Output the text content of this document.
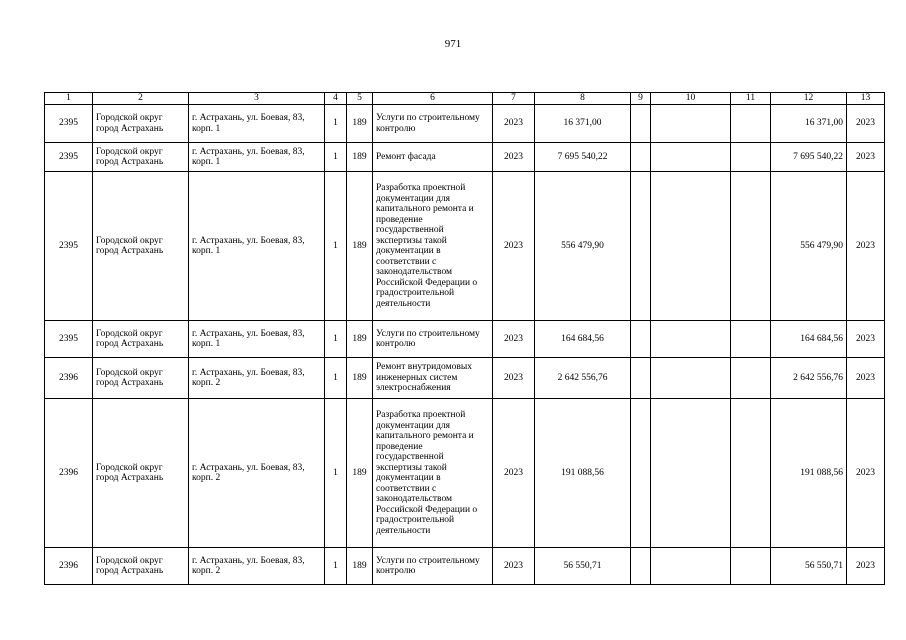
971
1	2	3	4	5	6	7	8	9	10	11	12	13
2395	Городской округ город Астрахань	г. Астрахань, ул. Боевая, 83, корп. 1	1	189	Услуги по строительному контролю	2023	16 371,00				16 371,00	2023
2395	Городской округ город Астрахань	г. Астрахань, ул. Боевая, 83, корп. 1	1	189	Ремонт фасада	2023	7 695 540,22				7 695 540,22	2023
2395	Городской округ город Астрахань	г. Астрахань, ул. Боевая, 83, корп. 1	1	189	Разработка проектной документации для капитального ремонта и проведение государственной экспертизы такой документации в соответствии с законодательством Российской Федерации о градостроительной деятельности	2023	556 479,90				556 479,90	2023
2395	Городской округ город Астрахань	г. Астрахань, ул. Боевая, 83, корп. 1	1	189	Услуги по строительному контролю	2023	164 684,56				164 684,56	2023
2396	Городской округ город Астрахань	г. Астрахань, ул. Боевая, 83, корп. 2	1	189	Ремонт внутридомовых инженерных систем электроснабжения	2023	2 642 556,76				2 642 556,76	2023
2396	Городской округ город Астрахань	г. Астрахань, ул. Боевая, 83, корп. 2	1	189	Разработка проектной документации для капитального ремонта и проведение государственной экспертизы такой документации в соответствии с законодательством Российской Федерации о градостроительной деятельности	2023	191 088,56				191 088,56	2023
2396	Городской округ город Астрахань	г. Астрахань, ул. Боевая, 83, корп. 2	1	189	Услуги по строительному контролю	2023	56 550,71				56 550,71	2023
